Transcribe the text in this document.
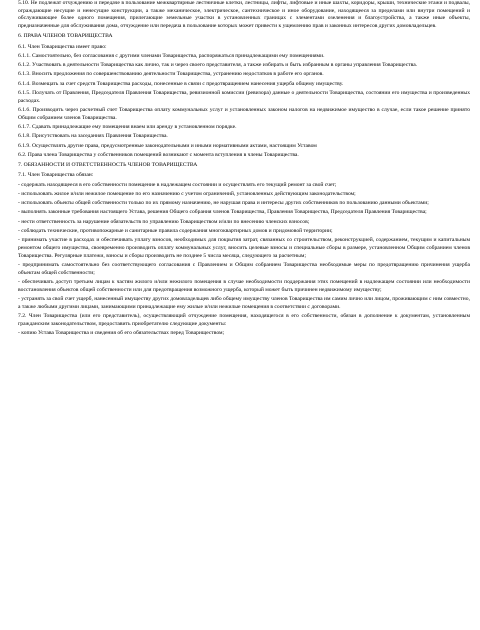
5.10. Не подлежат отчуждению и передаче в пользование межквартирные лестничные клетки, лестницы, лифты, лифтовые и иные шахты, коридоры, крыши, технические этажи и подвалы, ограждающие несущие и ненесущие конструкции, а также механическое, электрическое, сантехническое и иное оборудование, находящееся за пределами или внутри помещений и обслуживающее более одного помещения, прилегающие земельные участки в установленных границах с элементами озеленения и благоустройства, а также иные объекты, предназначенные для обслуживания дома, отчуждение или передача в пользование которых может привести к ущемлению прав и законных интересов других домовладельцев.

6. ПРАВА ЧЛЕНОВ ТОВАРИЩЕСТВА

6.1. Член Товарищества имеет право:

6.1.1. Самостоятельно, без согласования с другими членами Товарищества, распоряжаться принадлежащими ему помещениями.

6.1.2. Участвовать в деятельности Товарищества как лично, так и через своего представителя, а также избирать и быть избранным в органы управления Товарищества.

6.1.3. Вносить предложения по совершенствованию деятельности Товарищества, устранению недостатков в работе его органов.

6.1.4. Возмещать за счет средств Товарищества расходы, понесенные в связи с предотвращением нанесения ущерба общему имуществу.

6.1.5. Получать от Правления, Председателя Правления Товарищества, ревизионной комиссии (ревизора) данные о деятельности Товарищества, состоянии его имущества и произведенных расходах.

6.1.6. Производить через расчетный счет Товарищества оплату коммунальных услуг и установленных законом налогов на недвижимое имущество в случае, если такое решение принято Общим собранием членов Товарищества.

6.1.7. Сдавать принадлежащие ему помещения внаем или аренду в установленном порядке.

6.1.8. Присутствовать на заседаниях Правления Товарищества.

6.1.9. Осуществлять другие права, предусмотренные законодательными и иными нормативными актами, настоящим Уставом

6.2. Права члена Товарищества у собственников помещений возникают с момента вступления в члены Товарищества.

7. ОБЯЗАННОСТИ И ОТВЕТСТВЕННОСТЬ ЧЛЕНОВ ТОВАРИЩЕСТВА

7.1. Член Товарищества обязан:

- содержать находящееся в его собственности помещение в надлежащем состоянии и осуществлять его текущий ремонт за свой счет;

- использовать жилое и/или нежилое помещение по его назначению с учетом ограничений, установленных действующим законодательством;

- использовать объекты общей собственности только по их прямому назначению, не нарушая права и интересы других собственников по пользованию данными объектами;

- выполнять законные требования настоящего Устава, решения Общего собрания членов Товарищества, Правления Товарищества, Председателя Правления Товарищества;

- нести ответственность за нарушение обязательств по управлению Товариществом и/или по внесению членских взносов;

- соблюдать технические, противопожарные и санитарные правила содержания многоквартирных домов и придомовой территории;

- принимать участие в расходах и обеспечивать уплату взносов, необходимых для покрытия затрат, связанных со строительством, реконструкцией, содержанием, текущим и капитальным ремонтом общего имущества, своевременно производить оплату коммунальных услуг, вносить целевые взносы и специальные сборы в размере, установленном Общим собранием членов Товарищества. Регулярные платежи, взносы и сборы производить не позднее 5 числа месяца, следующего за расчетным;

- предпринимать самостоятельно без соответствующего согласования с Правлением и Общим собранием Товарищества необходимые меры по предотвращению причинения ущерба объектам общей собственности;

- обеспечивать доступ третьим лицам к частям жилого и/или нежилого помещения в случае необходимости поддержания этих помещений в надлежащем состоянии или необходимости восстановления объектов общей собственности или для предотвращения возможного ущерба, который может быть причинен недвижимому имуществу;

- устранять за свой счет ущерб, нанесенный имуществу других домовладельцев либо общему имуществу членов Товарищества им самим лично или лицом, проживающим с ним совместно, а также любыми другими лицами, занимающими принадлежащие ему жилые и/или нежилые помещения в соответствии с договорами.

7.2. Член Товарищества (или его представитель), осуществляющий отчуждение помещения, находящегося в его собственности, обязан в дополнение к документам, установленным гражданским законодательством, предоставить приобретателю следующие документы:

- копию Устава Товарищества и сведения об его обязательствах перед Товариществом;
